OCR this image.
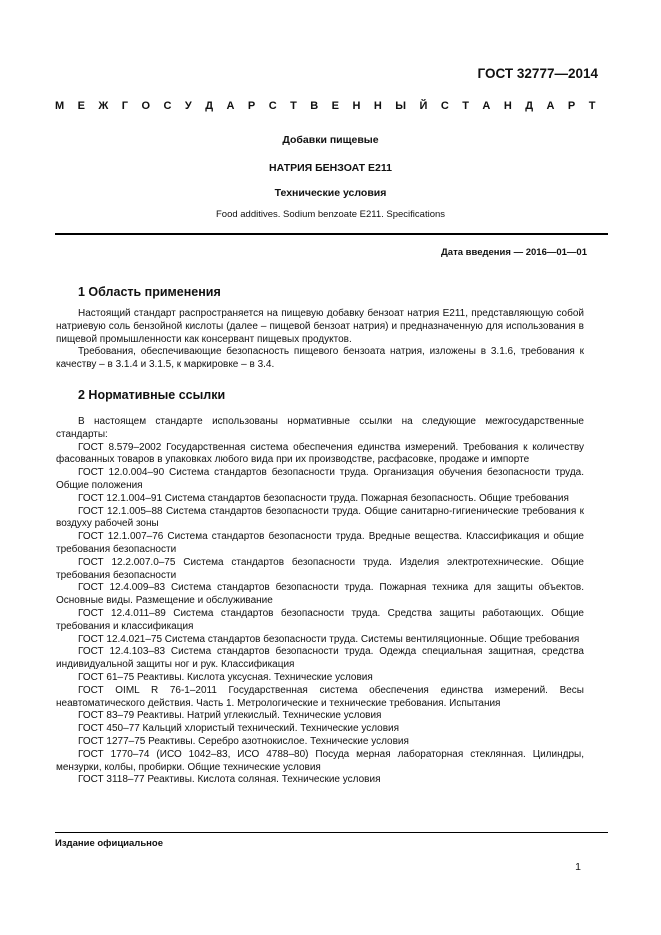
ГОСТ 32777—2014
М Е Ж Г О С У Д А Р С Т В Е Н Н Ы Й С Т А Н Д А Р Т
Добавки пищевые
НАТРИЯ БЕНЗОАТ Е211
Технические условия
Food additives. Sodium benzoate E211. Specifications
Дата введения — 2016—01—01
1 Область применения

Настоящий стандарт распространяется на пищевую добавку бензоат натрия Е211, представляющую собой натриевую соль бензойной кислоты (далее – пищевой бензоат натрия) и предназначенную для использования в пищевой промышленности как консервант пищевых продуктов.

Требования, обеспечивающие безопасность пищевого бензоата натрия, изложены в 3.1.6, требования к качеству – в 3.1.4 и 3.1.5, к маркировке – в 3.4.

2 Нормативные ссылки

В настоящем стандарте использованы нормативные ссылки на следующие межгосударственные стандарты:

ГОСТ 8.579–2002 Государственная система обеспечения единства измерений. Требования к количеству фасованных товаров в упаковках любого вида при их производстве, расфасовке, продаже и импорте

ГОСТ 12.0.004–90 Система стандартов безопасности труда. Организация обучения безопасности труда. Общие положения

ГОСТ 12.1.004–91 Система стандартов безопасности труда. Пожарная безопасность. Общие требования

ГОСТ 12.1.005–88 Система стандартов безопасности труда. Общие санитарно-гигиенические требования к воздуху рабочей зоны

ГОСТ 12.1.007–76 Система стандартов безопасности труда. Вредные вещества. Классификация и общие требования безопасности

ГОСТ 12.2.007.0–75 Система стандартов безопасности труда. Изделия электротехнические. Общие требования безопасности

ГОСТ 12.4.009–83 Система стандартов безопасности труда. Пожарная техника для защиты объектов. Основные виды. Размещение и обслуживание

ГОСТ 12.4.011–89 Система стандартов безопасности труда. Средства защиты работающих. Общие требования и классификация

ГОСТ 12.4.021–75 Система стандартов безопасности труда. Системы вентиляционные. Общие требования

ГОСТ 12.4.103–83 Система стандартов безопасности труда. Одежда специальная защитная, средства индивидуальной защиты ног и рук. Классификация

ГОСТ 61–75 Реактивы. Кислота уксусная. Технические условия

ГОСТ OIML R 76-1–2011 Государственная система обеспечения единства измерений. Весы неавтоматического действия. Часть 1. Метрологические и технические требования. Испытания

ГОСТ 83–79 Реактивы. Натрий углекислый. Технические условия

ГОСТ 450–77 Кальций хлористый технический. Технические условия

ГОСТ 1277–75 Реактивы. Серебро азотнокислое. Технические условия

ГОСТ 1770–74 (ИСО 1042–83, ИСО 4788–80) Посуда мерная лабораторная стеклянная. Цилиндры, мензурки, колбы, пробирки. Общие технические условия

ГОСТ 3118–77 Реактивы. Кислота соляная. Технические условия

Издание официальное
1
